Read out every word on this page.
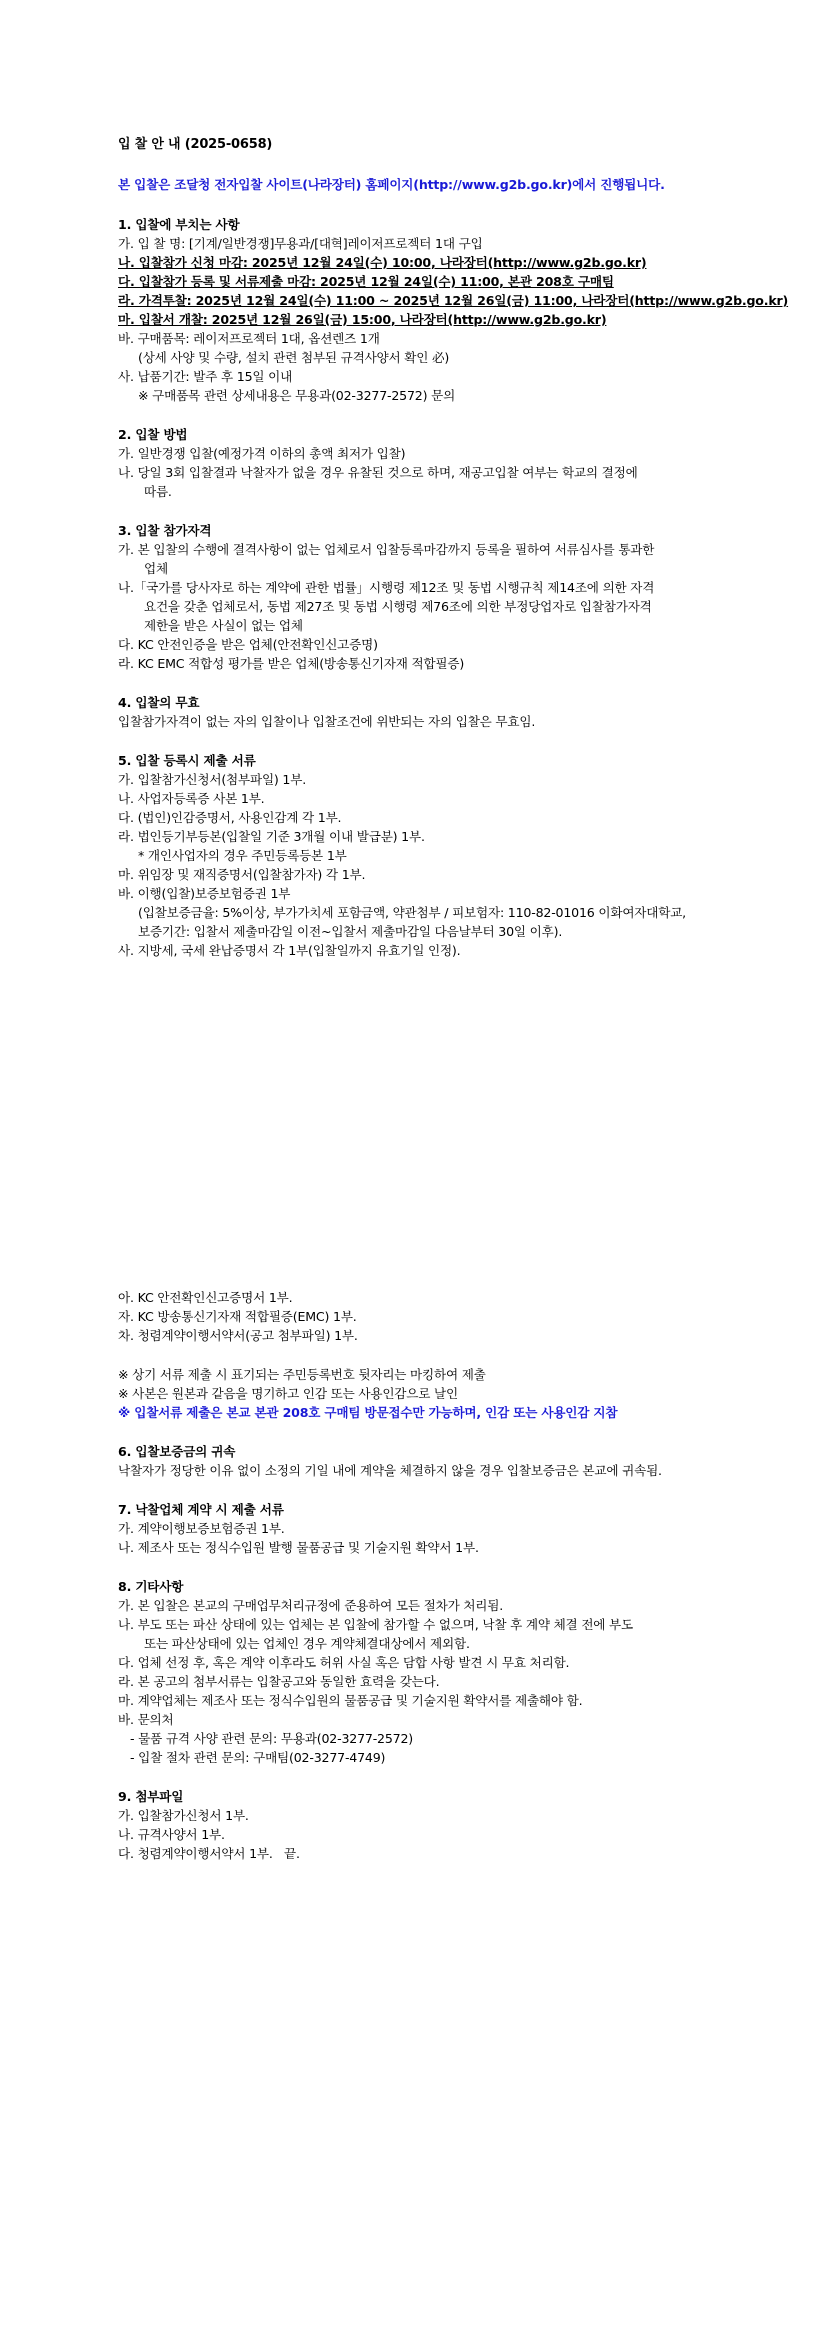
입 찰 안 내 (2025-0658)
본 입찰은 조달청 전자입찰 사이트(나라장터) 홈페이지(http://www.g2b.go.kr)에서 진행됩니다.
1. 입찰에 부치는 사항
가. 입 찰 명: [기계/일반경쟁]무용과/[대혁]레이저프로젝터 1대 구입
나. 입찰참가 신청 마감: 2025년 12월 24일(수) 10:00, 나라장터(http://www.g2b.go.kr)
다. 입찰참가 등록 및 서류제출 마감: 2025년 12월 24일(수) 11:00, 본관 208호 구매팀
라. 가격투찰: 2025년 12월 24일(수) 11:00 ~ 2025년 12월 26일(금) 11:00, 나라장터(http://www.g2b.go.kr)
마. 입찰서 개찰: 2025년 12월 26일(금) 15:00, 나라장터(http://www.g2b.go.kr)
바. 구매품목: 레이저프로젝터 1대, 옵션렌즈 1개
(상세 사양 및 수량, 설치 관련 첨부된 규격사양서 확인 必)
사. 납품기간: 발주 후 15일 이내
※ 구매품목 관련 상세내용은 무용과(02-3277-2572) 문의
2. 입찰 방법
가. 일반경쟁 입찰(예정가격 이하의 총액 최저가 입찰)
나. 당일 3회 입찰결과 낙찰자가 없을 경우 유찰된 것으로 하며, 재공고입찰 여부는 학교의 결정에
따름.
3. 입찰 참가자격
가. 본 입찰의 수행에 결격사항이 없는 업체로서 입찰등록마감까지 등록을 필하여 서류심사를 통과한
업체
나.「국가를 당사자로 하는 계약에 관한 법률」시행령 제12조 및 동법 시행규칙 제14조에 의한 자격
요건을 갖춘 업체로서, 동법 제27조 및 동법 시행령 제76조에 의한 부정당업자로 입찰참가자격
제한을 받은 사실이 없는 업체
다. KC 안전인증을 받은 업체(안전확인신고증명)
라. KC EMC 적합성 평가를 받은 업체(방송통신기자재 적합필증)
4. 입찰의 무효
입찰참가자격이 없는 자의 입찰이나 입찰조건에 위반되는 자의 입찰은 무효임.
5. 입찰 등록시 제출 서류
가. 입찰참가신청서(첨부파일) 1부.
나. 사업자등록증 사본 1부.
다. (법인)인감증명서, 사용인감계 각 1부.
라. 법인등기부등본(입찰일 기준 3개월 이내 발급분) 1부.
* 개인사업자의 경우 주민등록등본 1부
마. 위임장 및 재직증명서(입찰참가자) 각 1부.
바. 이행(입찰)보증보험증권 1부
(입찰보증금율: 5%이상, 부가가치세 포함금액, 약관첨부 / 피보험자: 110-82-01016 이화여자대학교,
보증기간: 입찰서 제출마감일 이전~입찰서 제출마감일 다음날부터 30일 이후).
사. 지방세, 국세 완납증명서 각 1부(입찰일까지 유효기일 인정).
아. KC 안전확인신고증명서 1부.
자. KC 방송통신기자재 적합필증(EMC) 1부.
차. 청렴계약이행서약서(공고 첨부파일) 1부.
※ 상기 서류 제출 시 표기되는 주민등록번호 뒷자리는 마킹하여 제출
※ 사본은 원본과 같음을 명기하고 인감 또는 사용인감으로 날인
※ 입찰서류 제출은 본교 본관 208호 구매팀 방문접수만 가능하며, 인감 또는 사용인감 지참
6. 입찰보증금의 귀속
낙찰자가 정당한 이유 없이 소정의 기일 내에 계약을 체결하지 않을 경우 입찰보증금은 본교에 귀속됨.
7. 낙찰업체 계약 시 제출 서류
가. 계약이행보증보험증권 1부.
나. 제조사 또는 정식수입원 발행 물품공급 및 기술지원 확약서 1부.
8. 기타사항
가. 본 입찰은 본교의 구매업무처리규정에 준용하여 모든 절차가 처리됨.
나. 부도 또는 파산 상태에 있는 업체는 본 입찰에 참가할 수 없으며, 낙찰 후 계약 체결 전에 부도
또는 파산상태에 있는 업체인 경우 계약체결대상에서 제외함.
다. 업체 선정 후, 혹은 계약 이후라도 허위 사실 혹은 담합 사항 발견 시 무효 처리함.
라. 본 공고의 첨부서류는 입찰공고와 동일한 효력을 갖는다.
마. 계약업체는 제조사 또는 정식수입원의 물품공급 및 기술지원 확약서를 제출해야 함.
바. 문의처
- 물품 규격 사양 관련 문의: 무용과(02-3277-2572)
- 입찰 절차 관련 문의: 구매팀(02-3277-4749)
9. 첨부파일
가. 입찰참가신청서 1부.
나. 규격사양서 1부.
다. 청렴계약이행서약서 1부.   끝.
